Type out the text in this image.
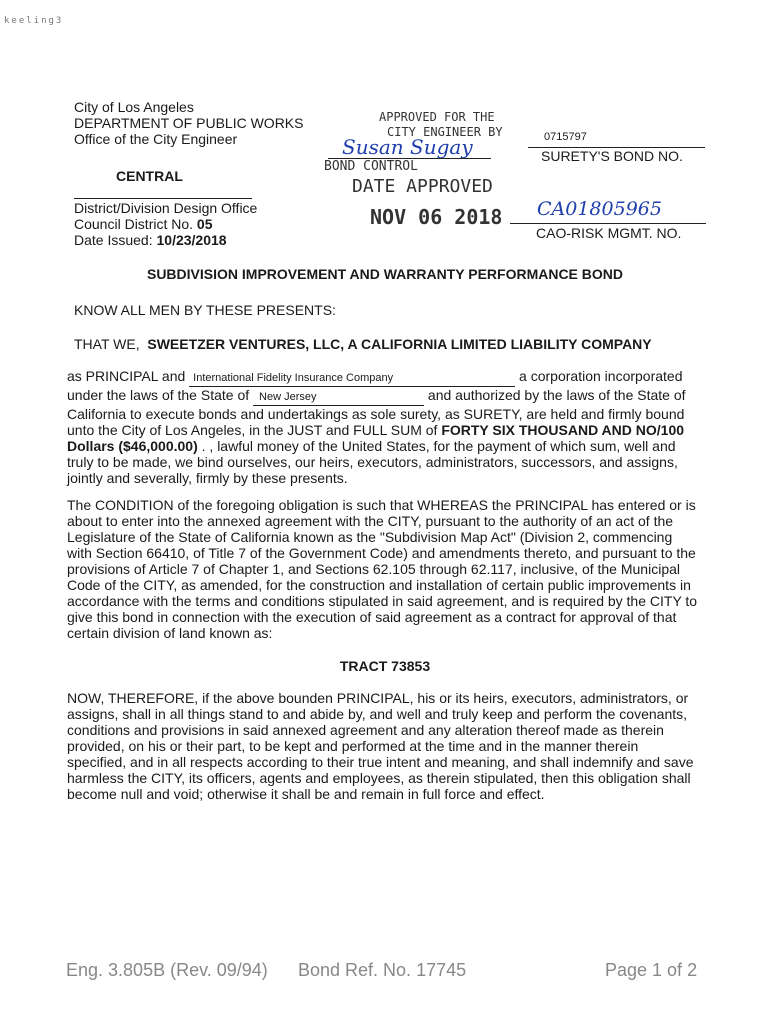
keeling3
City of Los Angeles
DEPARTMENT OF PUBLIC WORKS
Office of the City Engineer
CENTRAL
District/Division Design Office
Council District No. 05
Date Issued: 10/23/2018
APPROVED FOR THE
CITY ENGINEER BY
Susan Sugay
BOND CONTROL
DATE APPROVED
NOV 06 2018
0715797
SURETY'S BOND NO.
CA01805965
CAO-RISK MGMT. NO.
SUBDIVISION IMPROVEMENT AND WARRANTY PERFORMANCE BOND
KNOW ALL MEN BY THESE PRESENTS:
THAT WE, SWEETZER VENTURES, LLC, A CALIFORNIA LIMITED LIABILITY COMPANY
as PRINCIPAL and International Fidelity Insurance Company	a corporation incorporated under the laws of the State of New Jersey	and authorized by the laws of the State of California to execute bonds and undertakings as sole surety, as SURETY, are held and firmly bound unto the City of Los Angeles, in the JUST and FULL SUM of FORTY SIX THOUSAND AND NO/100 Dollars ($46,000.00) . , lawful money of the United States, for the payment of which sum, well and truly to be made, we bind ourselves, our heirs, executors, administrators, successors, and assigns, jointly and severally, firmly by these presents.
The CONDITION of the foregoing obligation is such that WHEREAS the PRINCIPAL has entered or is about to enter into the annexed agreement with the CITY, pursuant to the authority of an act of the Legislature of the State of California known as the "Subdivision Map Act" (Division 2, commencing with Section 66410, of Title 7 of the Government Code) and amendments thereto, and pursuant to the provisions of Article 7 of Chapter 1, and Sections 62.105 through 62.117, inclusive, of the Municipal Code of the CITY, as amended, for the construction and installation of certain public improvements in accordance with the terms and conditions stipulated in said agreement, and is required by the CITY to give this bond in connection with the execution of said agreement as a contract for approval of that certain division of land known as:
TRACT 73853
NOW, THEREFORE, if the above bounden PRINCIPAL, his or its heirs, executors, administrators, or assigns, shall in all things stand to and abide by, and well and truly keep and perform the covenants, conditions and provisions in said annexed agreement and any alteration thereof made as therein provided, on his or their part, to be kept and performed at the time and in the manner therein specified, and in all respects according to their true intent and meaning, and shall indemnify and save harmless the CITY, its officers, agents and employees, as therein stipulated, then this obligation shall become null and void; otherwise it shall be and remain in full force and effect.
Eng. 3.805B (Rev. 09/94) Bond Ref. No. 17745	Page 1 of 2
